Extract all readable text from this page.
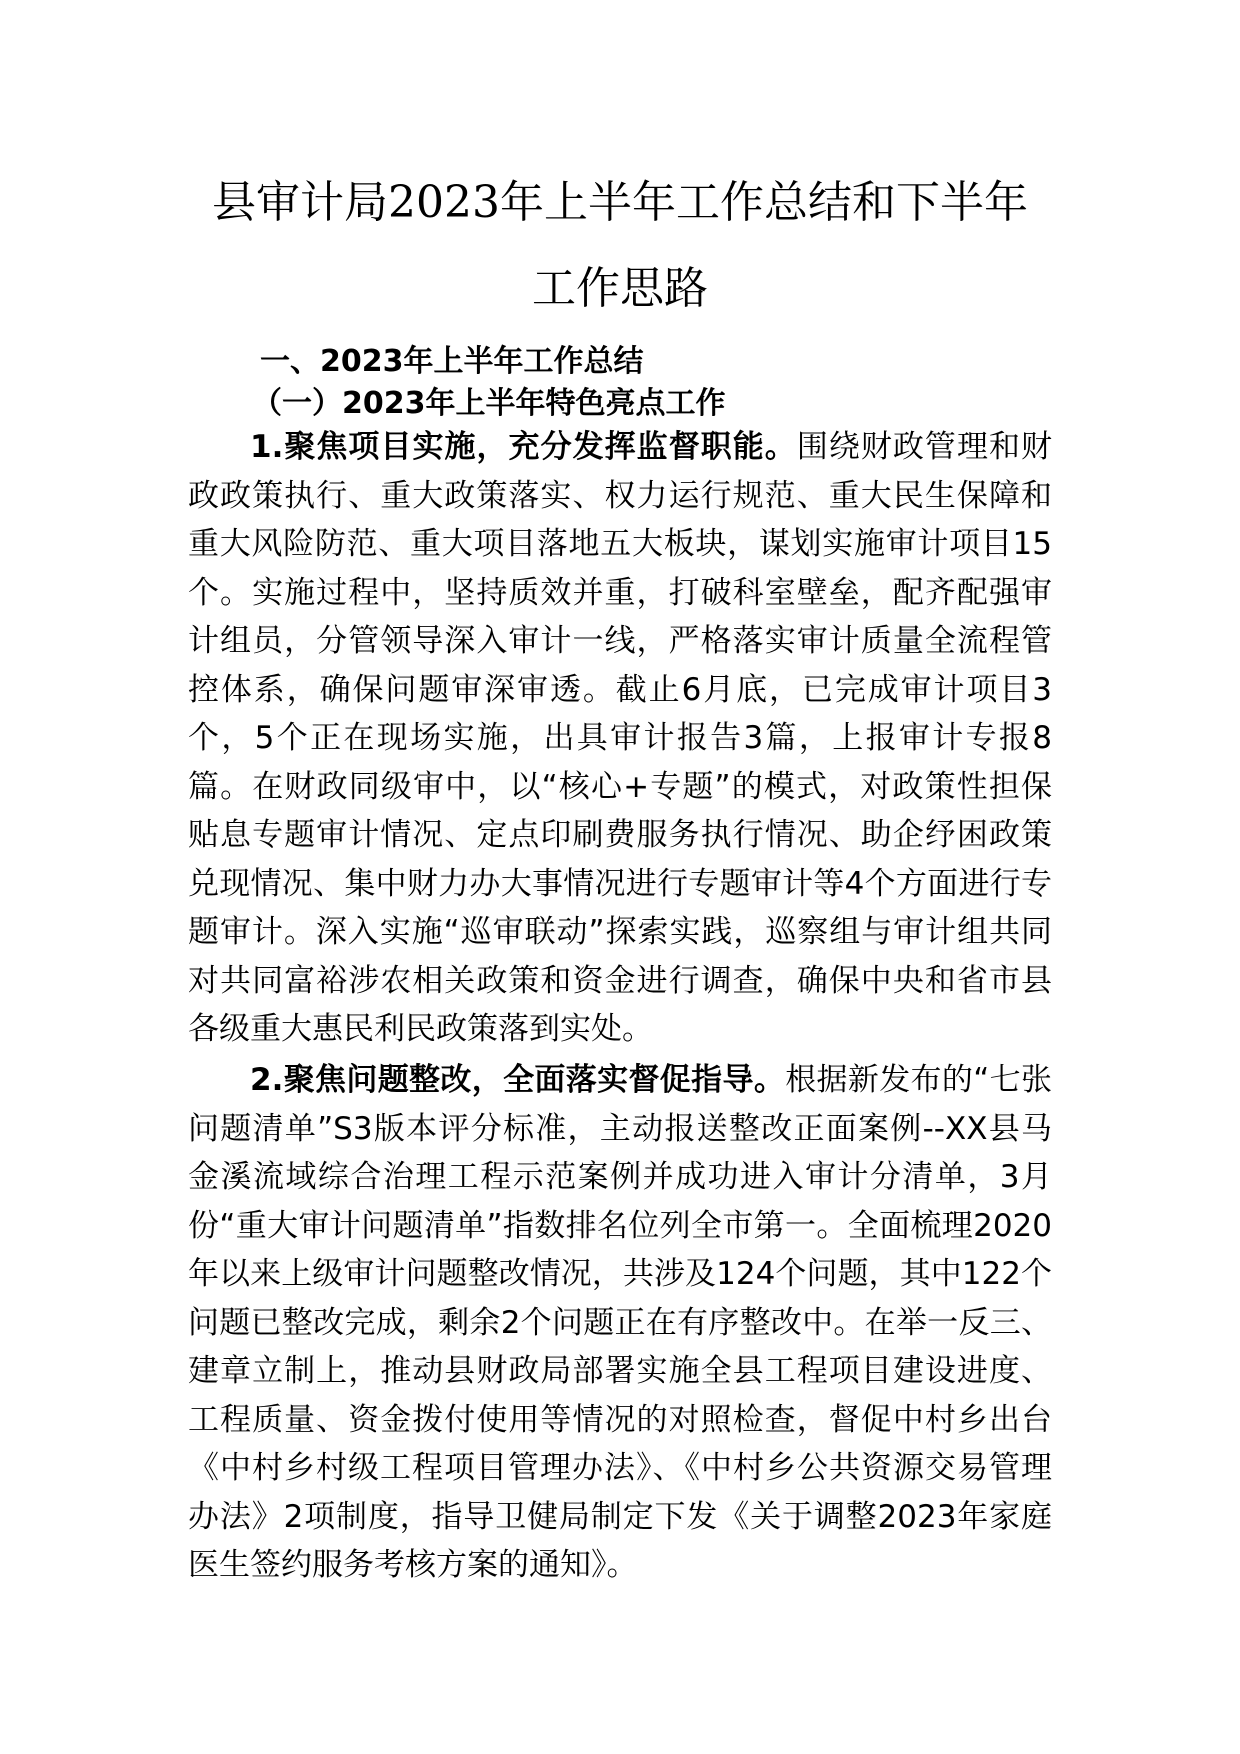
县审计局2023年上半年工作总结和下半年
工作思路
一、2023年上半年工作总结
（一）2023年上半年特色亮点工作

1.聚焦项目实施，充分发挥监督职能。围绕财政管理和财政政策执行、重大政策落实、权力运行规范、重大民生保障和重大风险防范、重大项目落地五大板块，谋划实施审计项目15个。实施过程中，坚持质效并重，打破科室壁垒，配齐配强审计组员，分管领导深入审计一线，严格落实审计质量全流程管控体系，确保问题审深审透。截止6月底，已完成审计项目3个，5个正在现场实施，出具审计报告3篇，上报审计专报8篇。在财政同级审中，以“核心+专题”的模式，对政策性担保贴息专题审计情况、定点印刷费服务执行情况、助企纾困政策兑现情况、集中财力办大事情况进行专题审计等4个方面进行专题审计。深入实施“巡审联动”探索实践，巡察组与审计组共同对共同富裕涉农相关政策和资金进行调查，确保中央和省市县各级重大惠民利民政策落到实处。

2.聚焦问题整改，全面落实督促指导。根据新发布的“七张问题清单”S3版本评分标准，主动报送整改正面案例--XX县马金溪流域综合治理工程示范案例并成功进入审计分清单，3月份“重大审计问题清单”指数排名位列全市第一。全面梳理2020年以来上级审计问题整改情况，共涉及124个问题，其中122个问题已整改完成，剩余2个问题正在有序整改中。在举一反三、建章立制上，推动县财政局部署实施全县工程项目建设进度、工程质量、资金拨付使用等情况的对照检查，督促中村乡出台《中村乡村级工程项目管理办法》、《中村乡公共资源交易管理办法》2项制度，指导卫健局制定下发《关于调整2023年家庭医生签约服务考核方案的通知》。
